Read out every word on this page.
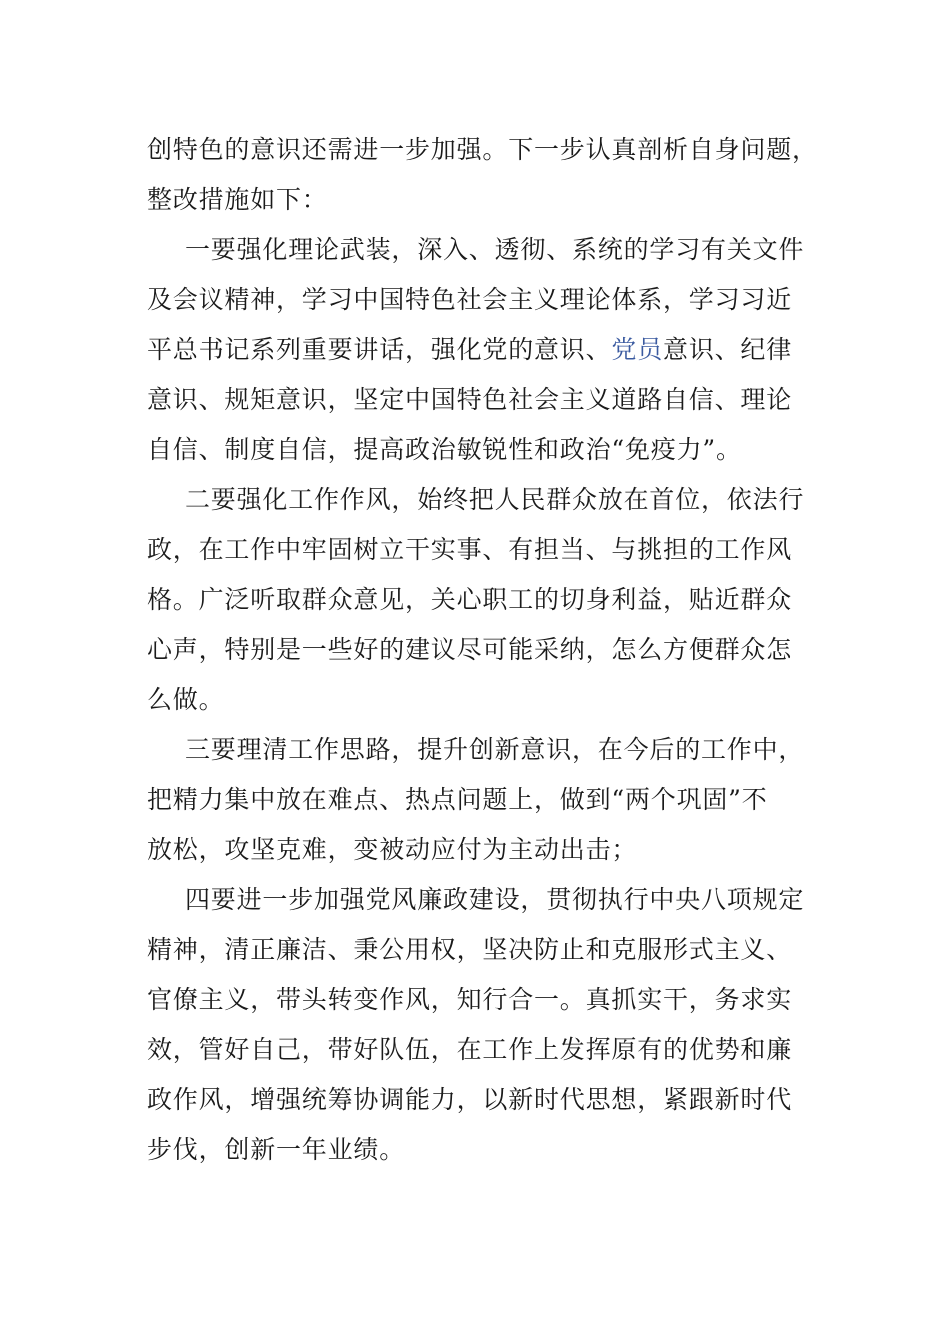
创特色的意识还需进一步加强。下一步认真剖析自身问题，
整改措施如下：
一要强化理论武装，深入、透彻、系统的学习有关文件
及会议精神，学习中国特色社会主义理论体系，学习习近
平总书记系列重要讲话，强化党的意识、党员意识、纪律
意识、规矩意识，坚定中国特色社会主义道路自信、理论
自信、制度自信，提高政治敏锐性和政治“免疫力”。
二要强化工作作风，始终把人民群众放在首位，依法行
政，在工作中牢固树立干实事、有担当、与挑担的工作风
格。广泛听取群众意见，关心职工的切身利益，贴近群众
心声，特别是一些好的建议尽可能采纳，怎么方便群众怎
么做。
三要理清工作思路，提升创新意识，在今后的工作中，
把精力集中放在难点、热点问题上，做到“两个巩固”不
放松，攻坚克难，变被动应付为主动出击；
四要进一步加强党风廉政建设，贯彻执行中央八项规定
精神，清正廉洁、秉公用权，坚决防止和克服形式主义、
官僚主义，带头转变作风，知行合一。真抓实干，务求实
效，管好自己，带好队伍，在工作上发挥原有的优势和廉
政作风，增强统筹协调能力，以新时代思想，紧跟新时代
步伐，创新一年业绩。
